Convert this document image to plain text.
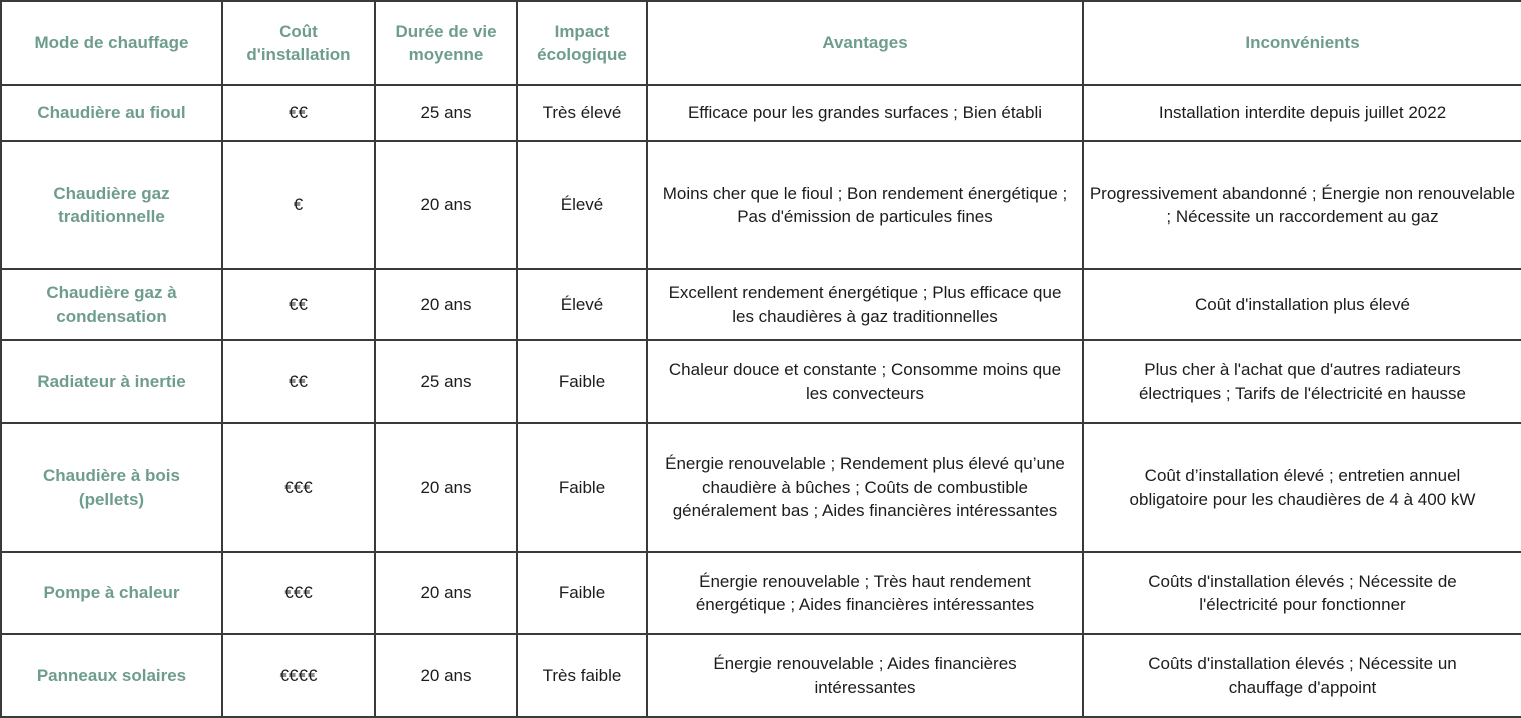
Mode de chauffage	Coût d'installation	Durée de vie moyenne	Impact écologique	Avantages	Inconvénients
Chaudière au fioul	€€	25 ans	Très élevé	Efficace pour les grandes surfaces ; Bien établi	Installation interdite depuis juillet 2022
Chaudière gaz traditionnelle	€	20 ans	Élevé	Moins cher que le fioul ; Bon rendement énergétique ; Pas d'émission de particules fines	Progressivement abandonné ; Énergie non renouvelable ; Nécessite un raccordement au gaz
Chaudière gaz à condensation	€€	20 ans	Élevé	Excellent rendement énergétique ; Plus efficace que les chaudières à gaz traditionnelles	Coût d'installation plus élevé
Radiateur à inertie	€€	25 ans	Faible	Chaleur douce et constante ; Consomme moins que les convecteurs	Plus cher à l'achat que d'autres radiateurs électriques ; Tarifs de l'électricité en hausse
Chaudière à bois (pellets)	€€€	20 ans	Faible	Énergie renouvelable ; Rendement plus élevé qu’une chaudière à bûches ; Coûts de combustible généralement bas ; Aides financières intéressantes	Coût d’installation élevé ; entretien annuel obligatoire pour les chaudières de 4 à 400 kW
Pompe à chaleur	€€€	20 ans	Faible	Énergie renouvelable ; Très haut rendement énergétique ; Aides financières intéressantes	Coûts d'installation élevés ; Nécessite de l'électricité pour fonctionner
Panneaux solaires	€€€€	20 ans	Très faible	Énergie renouvelable ; Aides financières intéressantes	Coûts d'installation élevés ; Nécessite un chauffage d'appoint
